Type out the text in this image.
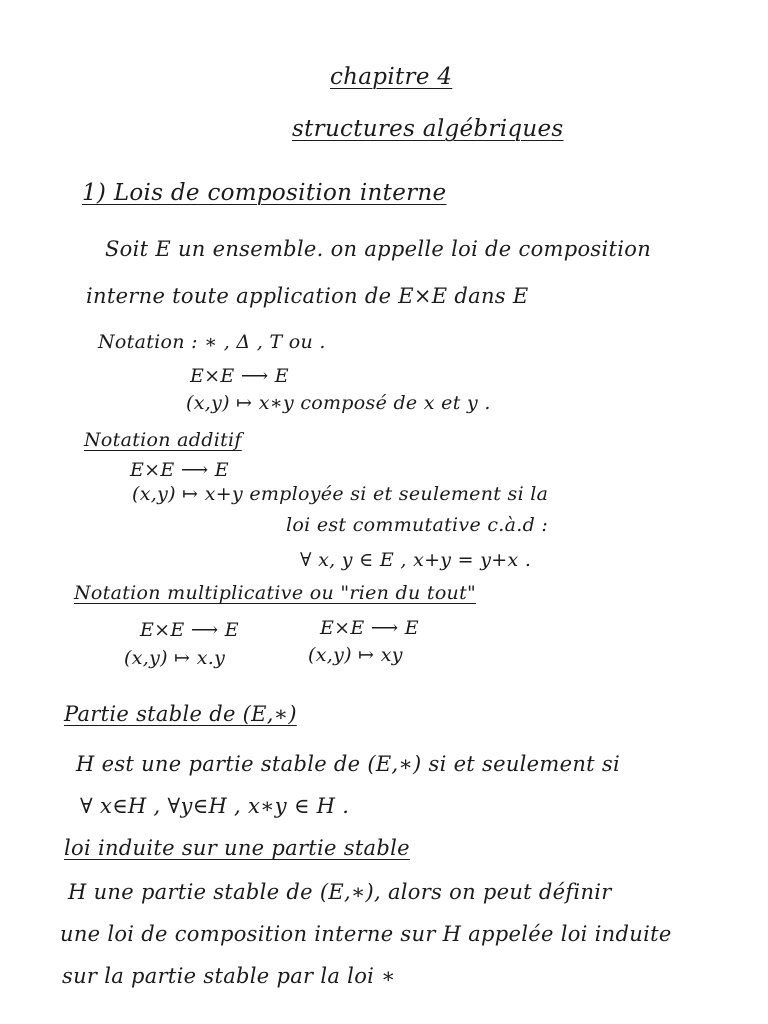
chapitre 4
structures algébriques
1) Lois de composition interne
Soit E un ensemble. on appelle loi de composition
interne toute application de E×E dans E
Notation : ∗ , Δ , T ou .
E×E ⟶ E
(x,y) ↦ x∗y composé de x et y .
Notation additif
E×E ⟶ E
(x,y) ↦ x+y employée si et seulement si la
loi est commutative c.à.d :
∀ x, y ∈ E , x+y = y+x .
Notation multiplicative ou "rien du tout"
E×E ⟶ E
(x,y) ↦ x.y
E×E ⟶ E
(x,y) ↦ xy
Partie stable de (E,∗)
H est une partie stable de (E,∗) si et seulement si
∀ x∈H , ∀y∈H , x∗y ∈ H .
loi induite sur une partie stable
H une partie stable de (E,∗), alors on peut définir
une loi de composition interne sur H appelée loi induite
sur la partie stable par la loi ∗
